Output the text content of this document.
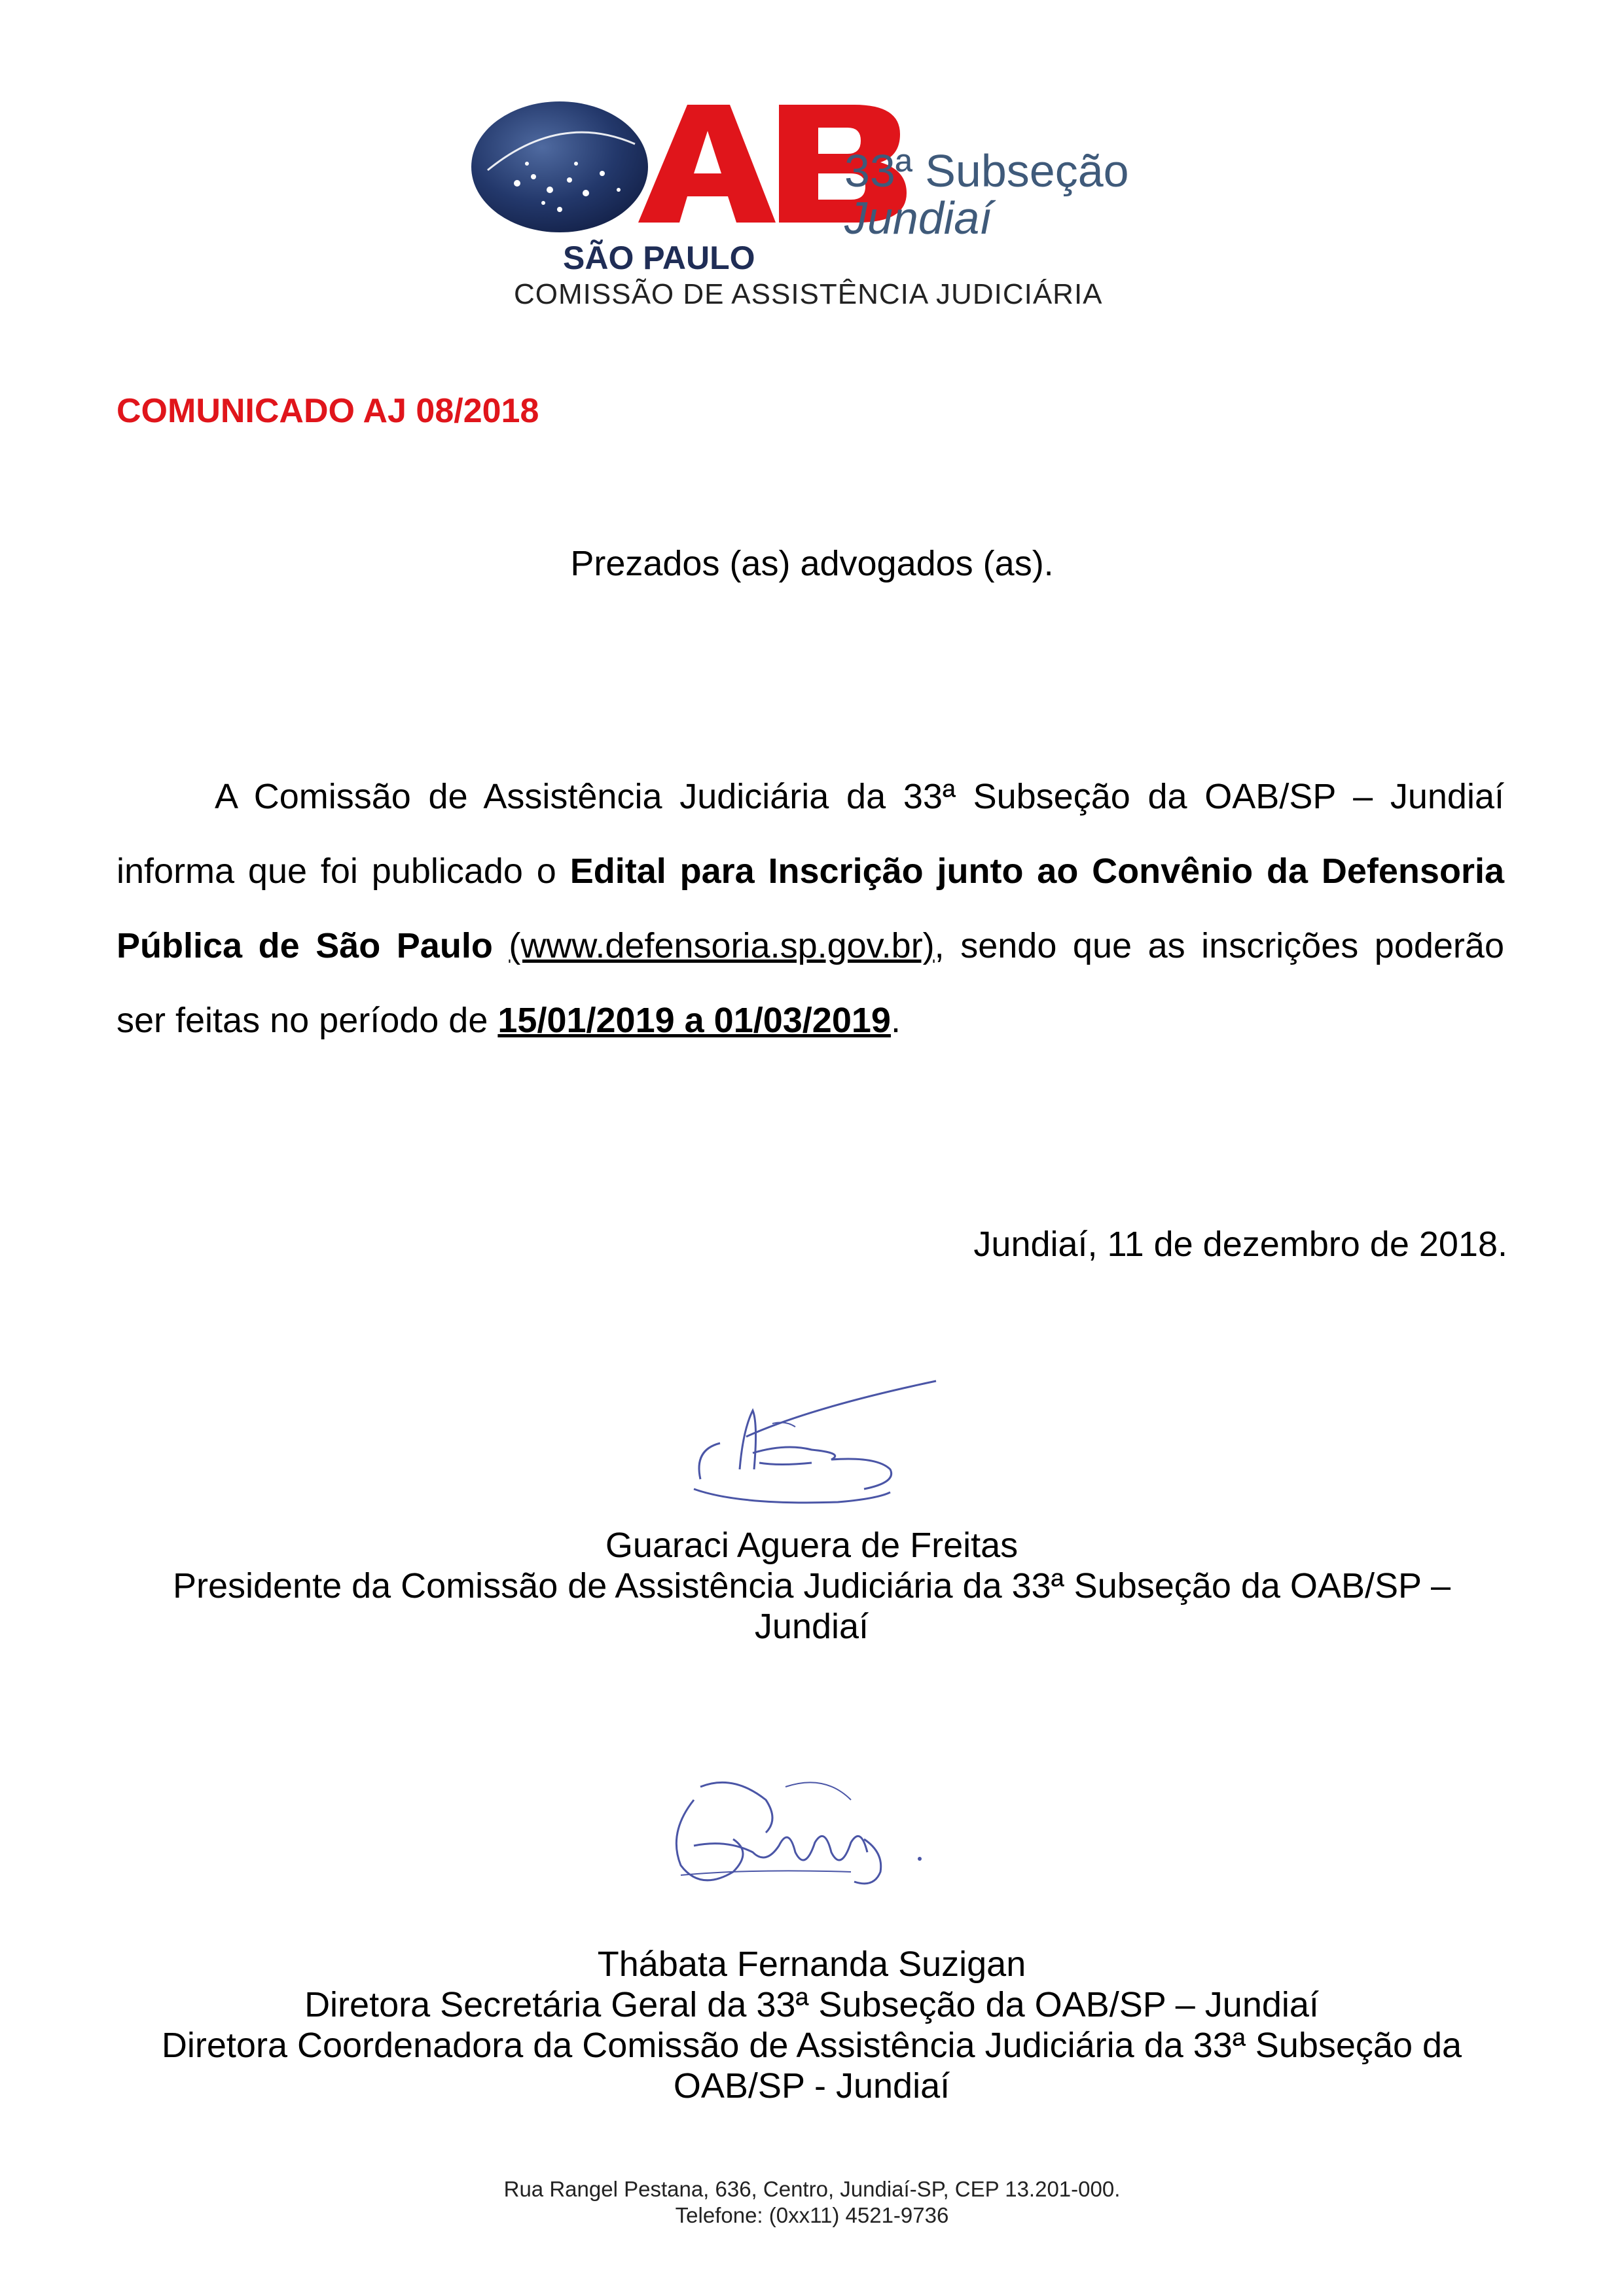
33ª Subseção
Jundiaí
SÃO PAULO
COMISSÃO DE ASSISTÊNCIA JUDICIÁRIA
COMUNICADO AJ 08/2018
Prezados (as) advogados (as).
A Comissão de Assistência Judiciária da 33ª Subseção da OAB/SP – Jundiaí informa que foi publicado o Edital para Inscrição junto ao Convênio da Defensoria Pública de São Paulo (www.defensoria.sp.gov.br), sendo que as inscrições poderão ser feitas no período de 15/01/2019 a 01/03/2019.
Jundiaí, 11 de dezembro de 2018.
Guaraci Aguera de Freitas
Presidente da Comissão de Assistência Judiciária da 33ª Subseção da OAB/SP –
Jundiaí
Thábata Fernanda Suzigan
Diretora Secretária Geral da 33ª Subseção da OAB/SP – Jundiaí
Diretora Coordenadora da Comissão de Assistência Judiciária da 33ª Subseção da
OAB/SP - Jundiaí
Rua Rangel Pestana, 636, Centro, Jundiaí-SP, CEP 13.201-000.
Telefone: (0xx11) 4521-9736
